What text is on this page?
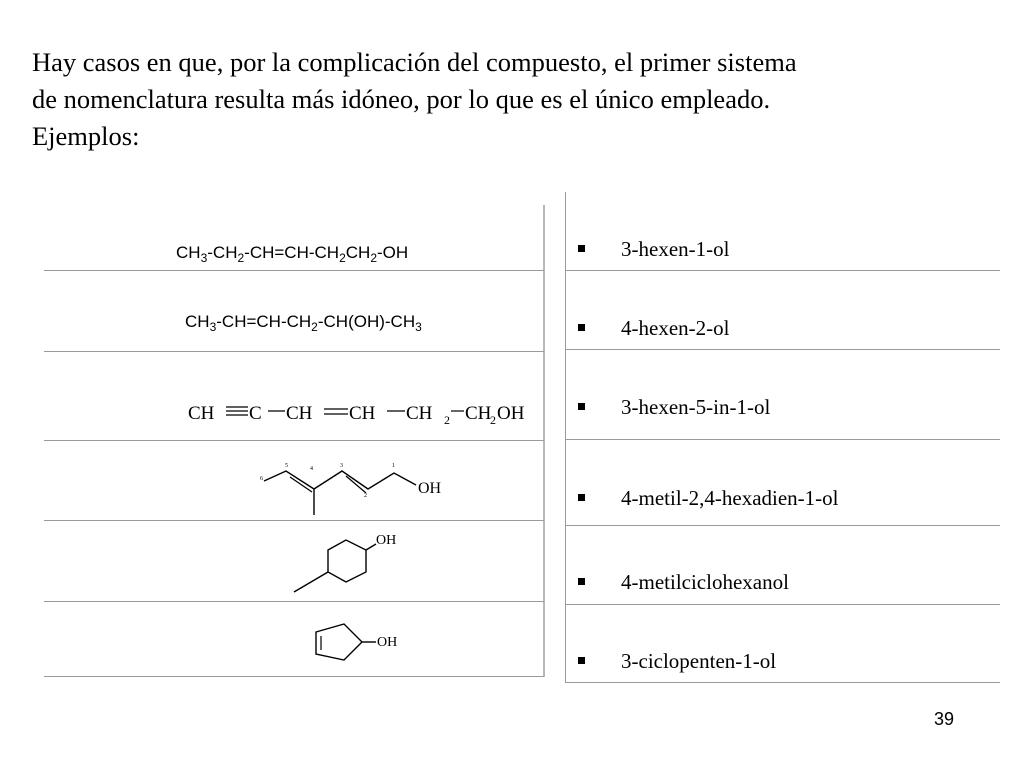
Hay casos en que, por la complicación del compuesto, el primer sistema
de nomenclatura resulta más idóneo, por lo que es el único empleado.
Ejemplos:
$CH_3-CH_2-CH=CH-CH_2CH_2-OH$
$CH_3-CH=CH-CH_2-CH(OH)-CH_3$
CH C CH CH CH 2 CH
2 OH
OH
6
5	4	3
2
1
OH
OH
3-hexen-1-ol
4-hexen-2-ol
3-hexen-5-in-1-ol
4-metil-2,4-hexadien-1-ol
4-metilciclohexanol
3-ciclopenten-1-ol
39
